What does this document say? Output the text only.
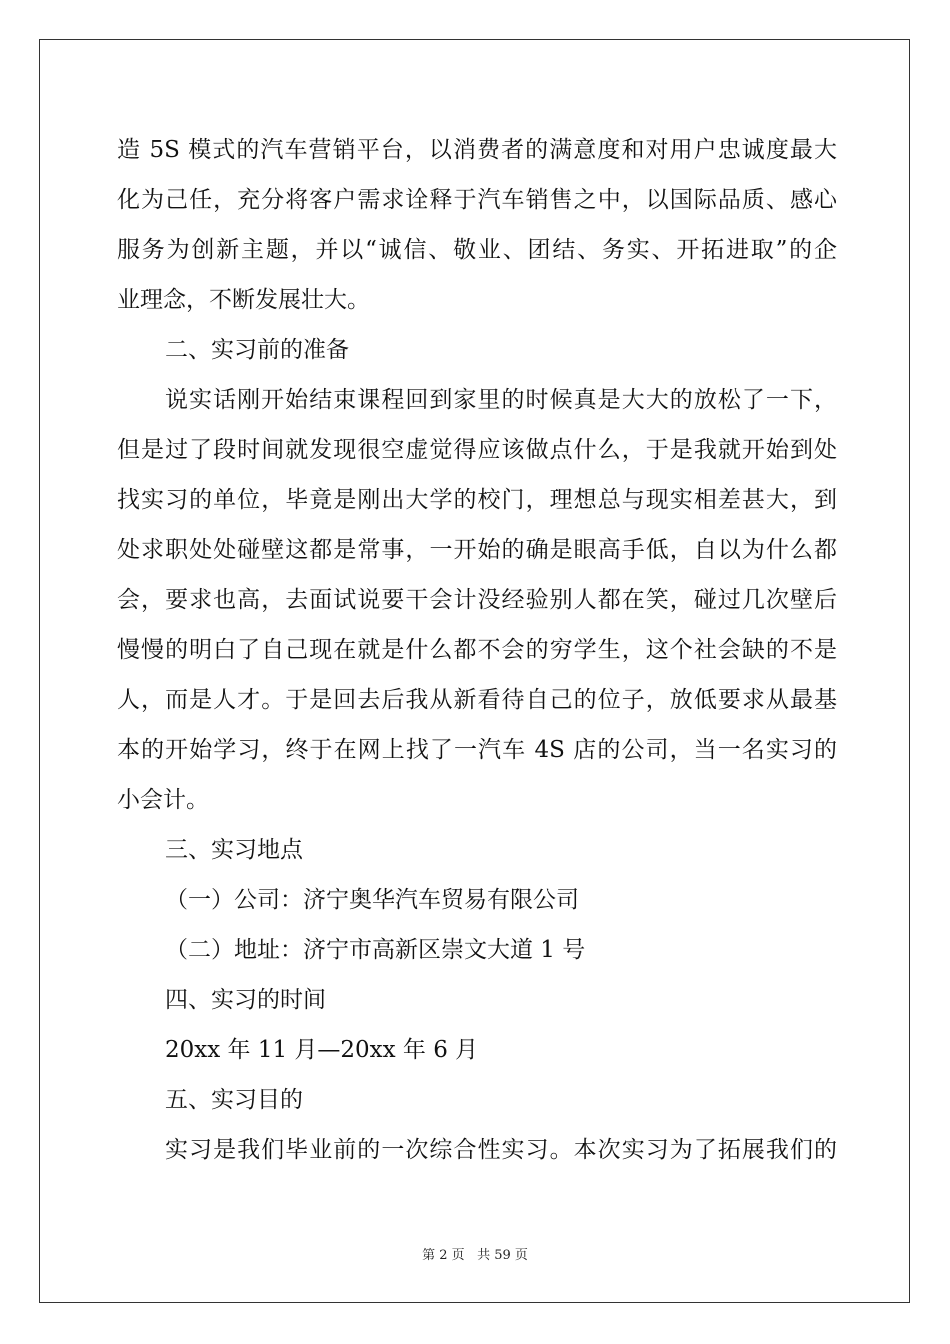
造 5S 模式的汽车营销平台，以消费者的满意度和对用户忠诚度最大
化为己任，充分将客户需求诠释于汽车销售之中，以国际品质、感心
服务为创新主题，并以“诚信、敬业、团结、务实、开拓进取”的企
业理念，不断发展壮大。
二、实习前的准备
说实话刚开始结束课程回到家里的时候真是大大的放松了一下，
但是过了段时间就发现很空虚觉得应该做点什么，于是我就开始到处
找实习的单位，毕竟是刚出大学的校门，理想总与现实相差甚大，到
处求职处处碰壁这都是常事，一开始的确是眼高手低，自以为什么都
会，要求也高，去面试说要干会计没经验别人都在笑，碰过几次壁后
慢慢的明白了自己现在就是什么都不会的穷学生，这个社会缺的不是
人，而是人才。于是回去后我从新看待自己的位子，放低要求从最基
本的开始学习，终于在网上找了一汽车 4S 店的公司，当一名实习的
小会计。
三、实习地点
（一）公司：济宁奥华汽车贸易有限公司
（二）地址：济宁市高新区崇文大道 1 号
四、实习的时间
20xx 年 11 月—20xx 年 6 月
五、实习目的
实习是我们毕业前的一次综合性实习。本次实习为了拓展我们的
第 2 页 共 59 页
